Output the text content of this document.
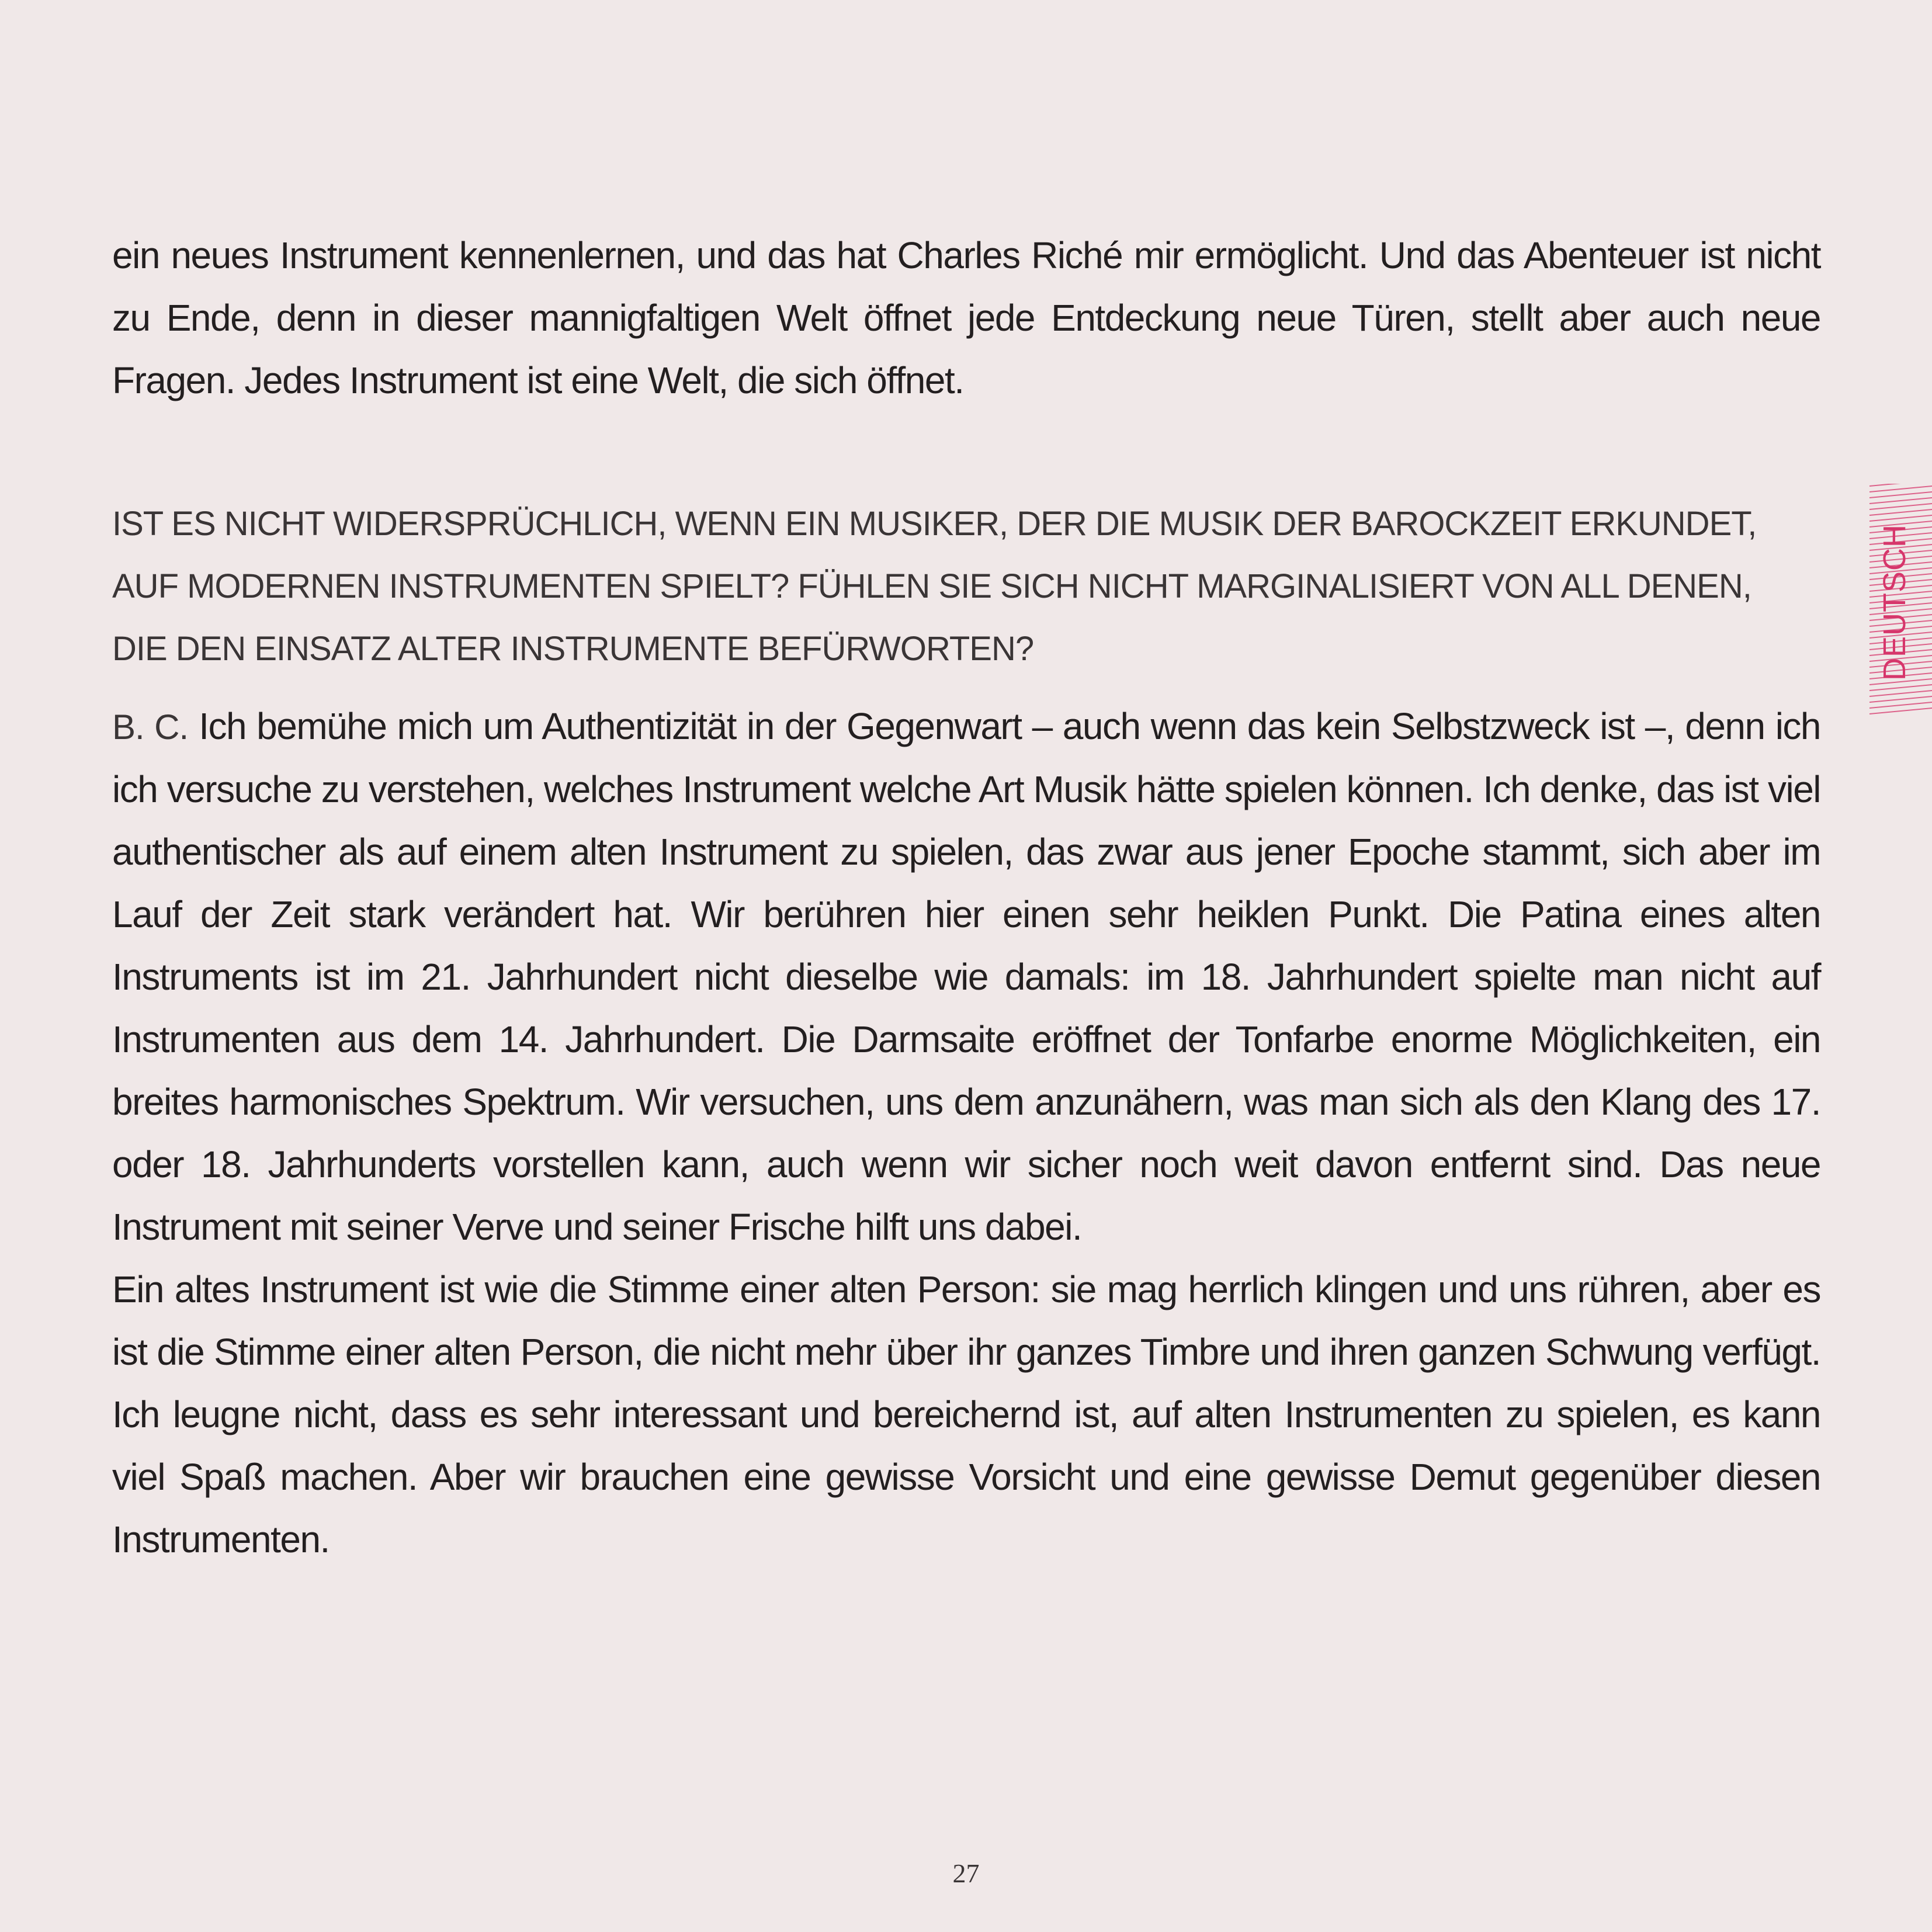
ein neues Instrument kennenlernen, und das hat Charles Riché mir ermöglicht. Und das Abenteuer ist nicht zu Ende, denn in dieser mannigfaltigen Welt öffnet jede Entdeckung neue Türen, stellt aber auch neue Fragen. Jedes Instrument ist eine Welt, die sich öffnet.

IST ES NICHT WIDERSPRÜCHLICH, WENN EIN MUSIKER, DER DIE MUSIK DER BAROCKZEIT ERKUNDET,
AUF MODERNEN INSTRUMENTEN SPIELT? FÜHLEN SIE SICH NICHT MARGINALISIERT VON ALL DENEN,
DIE DEN EINSATZ ALTER INSTRUMENTE BEFÜRWORTEN?

B. C. Ich bemühe mich um Authentizität in der Gegenwart – auch wenn das kein Selbstzweck ist –, denn ich ich versuche zu verstehen, welches Instrument welche Art Musik hätte spielen können. Ich denke, das ist viel authentischer als auf einem alten Instrument zu spielen, das zwar aus jener Epoche stammt, sich aber im Lauf der Zeit stark verändert hat. Wir berühren hier einen sehr heiklen Punkt. Die Patina eines alten Instruments ist im 21. Jahrhundert nicht dieselbe wie damals: im 18. Jahrhundert spielte man nicht auf Instrumenten aus dem 14. Jahrhundert. Die Darmsaite eröffnet der Tonfarbe enorme Möglichkeiten, ein breites harmonisches Spektrum. Wir versuchen, uns dem anzunähern, was man sich als den Klang des 17. oder 18. Jahrhunderts vorstellen kann, auch wenn wir sicher noch weit davon entfernt sind. Das neue Instrument mit seiner Verve und seiner Frische hilft uns dabei.

Ein altes Instrument ist wie die Stimme einer alten Person: sie mag herrlich klingen und uns rühren, aber es ist die Stimme einer alten Person, die nicht mehr über ihr ganzes Timbre und ihren ganzen Schwung verfügt. Ich leugne nicht, dass es sehr interessant und bereichernd ist, auf alten Instrumenten zu spielen, es kann viel Spaß machen. Aber wir brauchen eine gewisse Vorsicht und eine gewisse Demut gegenüber diesen Instrumenten.

DEUTSCH
27
